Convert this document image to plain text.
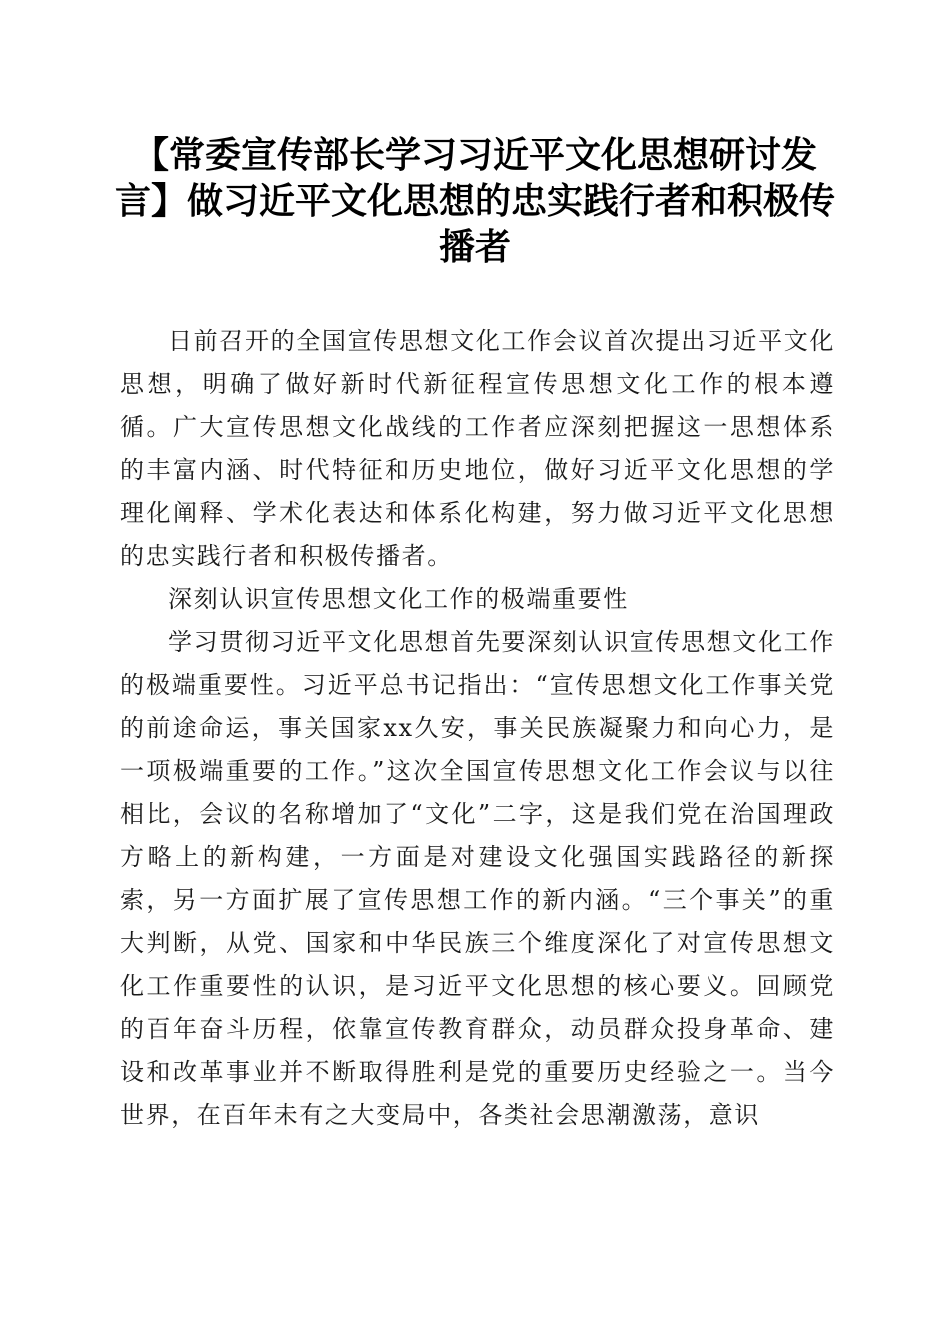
【常委宣传部长学习习近平文化思想研讨发言】做习近平文化思想的忠实践行者和积极传播者

日前召开的全国宣传思想文化工作会议首次提出习近平文化思想，明确了做好新时代新征程宣传思想文化工作的根本遵循。广大宣传思想文化战线的工作者应深刻把握这一思想体系的丰富内涵、时代特征和历史地位，做好习近平文化思想的学理化阐释、学术化表达和体系化构建，努力做习近平文化思想的忠实践行者和积极传播者。

深刻认识宣传思想文化工作的极端重要性

学习贯彻习近平文化思想首先要深刻认识宣传思想文化工作的极端重要性。习近平总书记指出：“宣传思想文化工作事关党的前途命运，事关国家xx久安，事关民族凝聚力和向心力，是一项极端重要的工作。”这次全国宣传思想文化工作会议与以往相比，会议的名称增加了“文化”二字，这是我们党在治国理政方略上的新构建，一方面是对建设文化强国实践路径的新探索，另一方面扩展了宣传思想工作的新内涵。“三个事关”的重大判断，从党、国家和中华民族三个维度深化了对宣传思想文化工作重要性的认识，是习近平文化思想的核心要义。回顾党的百年奋斗历程，依靠宣传教育群众，动员群众投身革命、建设和改革事业并不断取得胜利是党的重要历史经验之一。当今世界，在百年未有之大变局中，各类社会思潮激荡，意识
